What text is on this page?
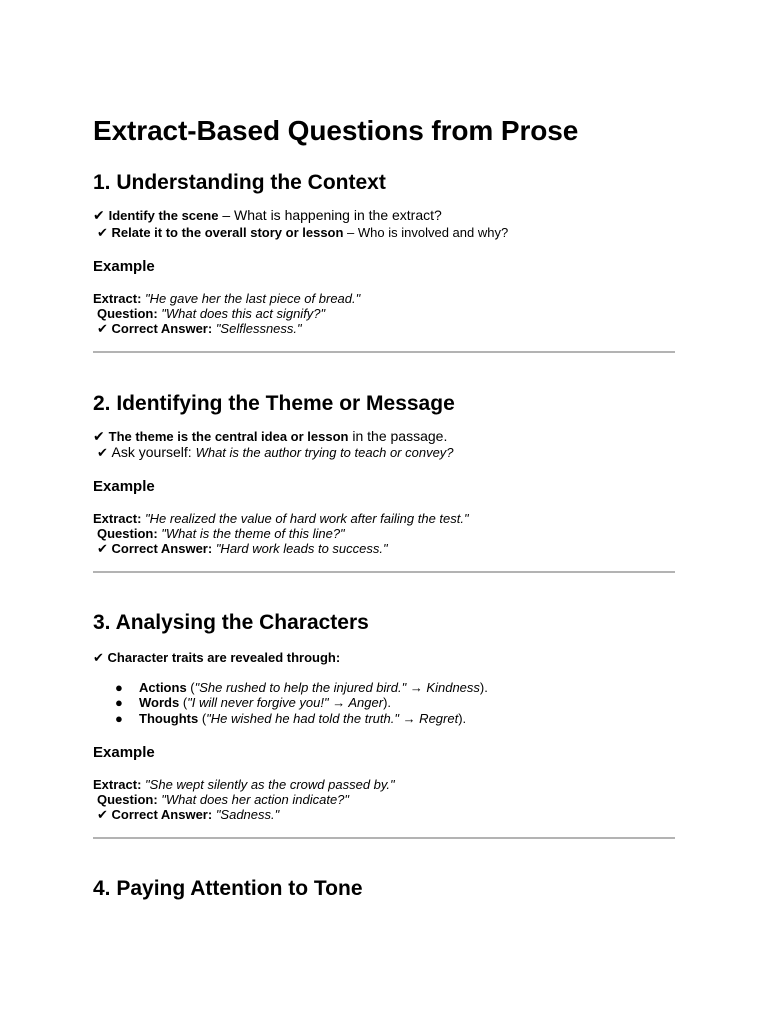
Extract-Based Questions from Prose
1. Understanding the Context
✔ Identify the scene – What is happening in the extract?
✔ Relate it to the overall story or lesson – Who is involved and why?
Example
Extract: "He gave her the last piece of bread."
Question: "What does this act signify?"
✔ Correct Answer: "Selflessness."
2. Identifying the Theme or Message
✔ The theme is the central idea or lesson in the passage.
✔ Ask yourself: What is the author trying to teach or convey?
Example
Extract: "He realized the value of hard work after failing the test."
Question: "What is the theme of this line?"
✔ Correct Answer: "Hard work leads to success."
3. Analysing the Characters
✔ Character traits are revealed through:
● Actions ("She rushed to help the injured bird." → Kindness).
● Words ("I will never forgive you!" → Anger).
● Thoughts ("He wished he had told the truth." → Regret).
Example
Extract: "She wept silently as the crowd passed by."
Question: "What does her action indicate?"
✔ Correct Answer: "Sadness."
4. Paying Attention to Tone
